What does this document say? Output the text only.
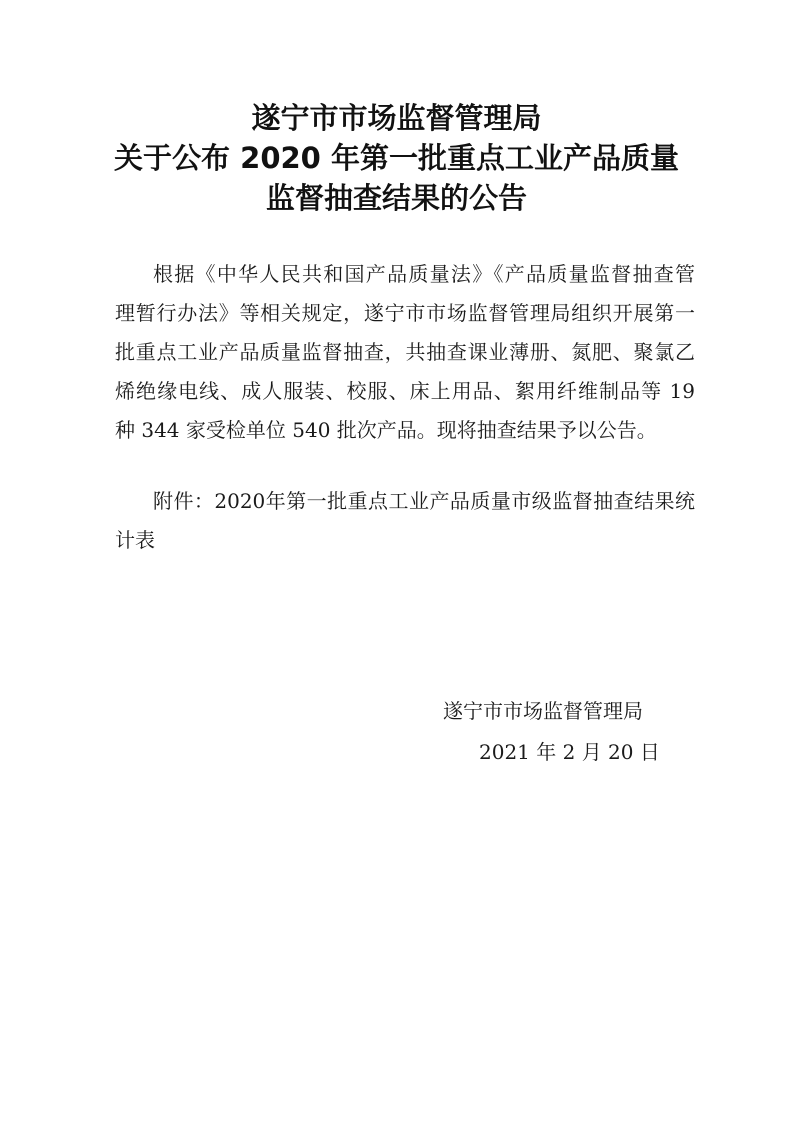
遂宁市市场监督管理局
关于公布 2020 年第一批重点工业产品质量
监督抽查结果的公告

根据《中华人民共和国产品质量法》《产品质量监督抽查管

理暂行办法》等相关规定，遂宁市市场监督管理局组织开展第一

批重点工业产品质量监督抽查，共抽查课业薄册、氮肥、聚氯乙

烯绝缘电线、成人服装、校服、床上用品、絮用纤维制品等 19

种 344 家受检单位 540 批次产品。现将抽查结果予以公告。

附件：2020年第一批重点工业产品质量市级监督抽查结果统

计表

遂宁市市场监督管理局

2021 年 2 月 20 日
